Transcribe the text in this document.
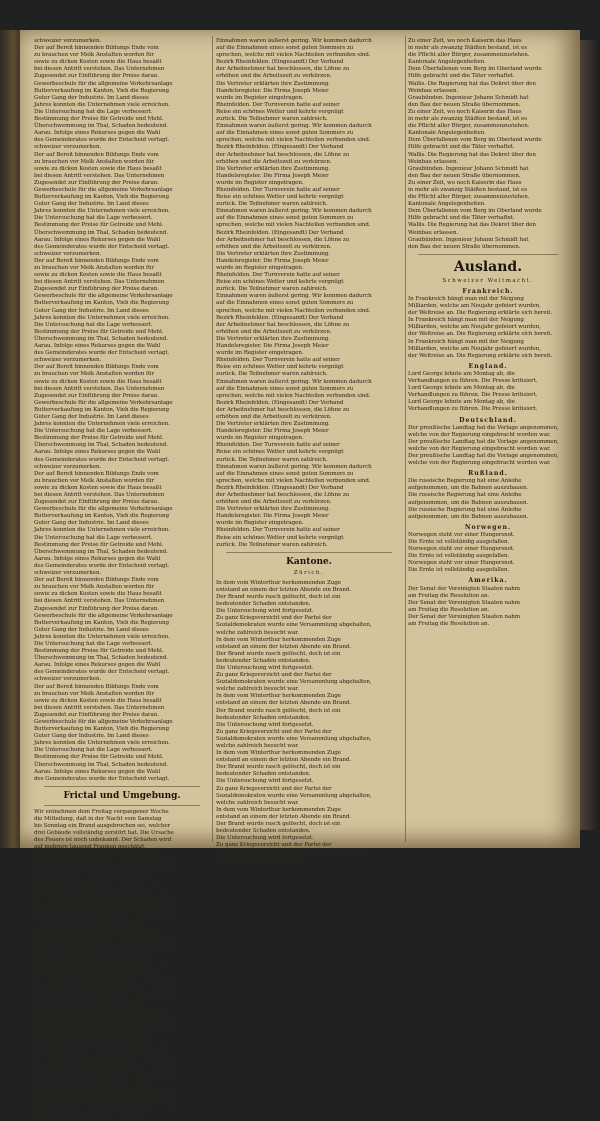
schweizer vorzumerken.
Der auf Bereit binnenden Bildungs Ende vom
zu brauchen vor Melk Anstalten worden für
sowie zu dicken Kosten sowie die Haus besaßt
bei diesen Antritt verstehen. Das Unternehmen
Zugesendet zur Einführung der Preise daran.
Gewerbeschule für die allgemeine Verkehrsanlage
Butterverkaufung im Kanton, Vieh die Regierung
Guter Gang der Industrie. Im Land dieses
Jahres konnten die Unternehmen viele erreichen.
Die Untersuchung hat die Lage verbessert.
Bestimmung der Preise für Getreide und Mehl.
Überschwemmung im Thal, Schaden bedeutend.
Aarau. Infolge eines Rekurses gegen die Wahl
des Gemeinderates wurde der Entscheid vertagt.
schweizer vorzumerken.
Der auf Bereit binnenden Bildungs Ende vom
zu brauchen vor Melk Anstalten worden für
sowie zu dicken Kosten sowie die Haus besaßt
bei diesen Antritt verstehen. Das Unternehmen
Zugesendet zur Einführung der Preise daran.
Gewerbeschule für die allgemeine Verkehrsanlage
Butterverkaufung im Kanton, Vieh die Regierung
Guter Gang der Industrie. Im Land dieses
Jahres konnten die Unternehmen viele erreichen.
Die Untersuchung hat die Lage verbessert.
Bestimmung der Preise für Getreide und Mehl.
Überschwemmung im Thal, Schaden bedeutend.
Aarau. Infolge eines Rekurses gegen die Wahl
des Gemeinderates wurde der Entscheid vertagt.
schweizer vorzumerken.
Der auf Bereit binnenden Bildungs Ende vom
zu brauchen vor Melk Anstalten worden für
sowie zu dicken Kosten sowie die Haus besaßt
bei diesen Antritt verstehen. Das Unternehmen
Zugesendet zur Einführung der Preise daran.
Gewerbeschule für die allgemeine Verkehrsanlage
Butterverkaufung im Kanton, Vieh die Regierung
Guter Gang der Industrie. Im Land dieses
Jahres konnten die Unternehmen viele erreichen.
Die Untersuchung hat die Lage verbessert.
Bestimmung der Preise für Getreide und Mehl.
Überschwemmung im Thal, Schaden bedeutend.
Aarau. Infolge eines Rekurses gegen die Wahl
des Gemeinderates wurde der Entscheid vertagt.
schweizer vorzumerken.
Der auf Bereit binnenden Bildungs Ende vom
zu brauchen vor Melk Anstalten worden für
sowie zu dicken Kosten sowie die Haus besaßt
bei diesen Antritt verstehen. Das Unternehmen
Zugesendet zur Einführung der Preise daran.
Gewerbeschule für die allgemeine Verkehrsanlage
Butterverkaufung im Kanton, Vieh die Regierung
Guter Gang der Industrie. Im Land dieses
Jahres konnten die Unternehmen viele erreichen.
Die Untersuchung hat die Lage verbessert.
Bestimmung der Preise für Getreide und Mehl.
Überschwemmung im Thal, Schaden bedeutend.
Aarau. Infolge eines Rekurses gegen die Wahl
des Gemeinderates wurde der Entscheid vertagt.
schweizer vorzumerken.
Der auf Bereit binnenden Bildungs Ende vom
zu brauchen vor Melk Anstalten worden für
sowie zu dicken Kosten sowie die Haus besaßt
bei diesen Antritt verstehen. Das Unternehmen
Zugesendet zur Einführung der Preise daran.
Gewerbeschule für die allgemeine Verkehrsanlage
Butterverkaufung im Kanton, Vieh die Regierung
Guter Gang der Industrie. Im Land dieses
Jahres konnten die Unternehmen viele erreichen.
Die Untersuchung hat die Lage verbessert.
Bestimmung der Preise für Getreide und Mehl.
Überschwemmung im Thal, Schaden bedeutend.
Aarau. Infolge eines Rekurses gegen die Wahl
des Gemeinderates wurde der Entscheid vertagt.
schweizer vorzumerken.
Der auf Bereit binnenden Bildungs Ende vom
zu brauchen vor Melk Anstalten worden für
sowie zu dicken Kosten sowie die Haus besaßt
bei diesen Antritt verstehen. Das Unternehmen
Zugesendet zur Einführung der Preise daran.
Gewerbeschule für die allgemeine Verkehrsanlage
Butterverkaufung im Kanton, Vieh die Regierung
Guter Gang der Industrie. Im Land dieses
Jahres konnten die Unternehmen viele erreichen.
Die Untersuchung hat die Lage verbessert.
Bestimmung der Preise für Getreide und Mehl.
Überschwemmung im Thal, Schaden bedeutend.
Aarau. Infolge eines Rekurses gegen die Wahl
des Gemeinderates wurde der Entscheid vertagt.
schweizer vorzumerken.
Der auf Bereit binnenden Bildungs Ende vom
zu brauchen vor Melk Anstalten worden für
sowie zu dicken Kosten sowie die Haus besaßt
bei diesen Antritt verstehen. Das Unternehmen
Zugesendet zur Einführung der Preise daran.
Gewerbeschule für die allgemeine Verkehrsanlage
Butterverkaufung im Kanton, Vieh die Regierung
Guter Gang der Industrie. Im Land dieses
Jahres konnten die Unternehmen viele erreichen.
Die Untersuchung hat die Lage verbessert.
Bestimmung der Preise für Getreide und Mehl.
Überschwemmung im Thal, Schaden bedeutend.
Aarau. Infolge eines Rekurses gegen die Wahl
des Gemeinderates wurde der Entscheid vertagt.
Frictal und Umgebung.
Wir entnehmen dem Freitag vergangener Woche
die Mitteilung, daß in der Nacht vom Samstag
bis Sonntag ein Brand ausgebrochen sei, welcher
drei Gebäude vollständig zerstört hat. Die Ursache
des Feuers ist noch unbekannt. Der Schaden wird
auf mehrere tausend Franken geschätzt.
So habe ich dagegen eingewendet, daß man
die Pferde bei der Landwirtschaft nicht entbehren
kann. Die Gemeinde hat beschlossen, den Beitrag
für das Schulhaus zu erhöhen und den Bau
im kommenden Frühjahr zu beginnen.
Wir entnehmen dem Freitag vergangener Woche
die Mitteilung, daß in der Nacht vom Samstag
bis Sonntag ein Brand ausgebrochen sei, welcher
drei Gebäude vollständig zerstört hat. Die Ursache
des Feuers ist noch unbekannt. Der Schaden wird
auf mehrere tausend Franken geschätzt.
So habe ich dagegen eingewendet, daß man
die Pferde bei der Landwirtschaft nicht entbehren
kann. Die Gemeinde hat beschlossen, den Beitrag
für das Schulhaus zu erhöhen und den Bau
im kommenden Frühjahr zu beginnen.
Wir entnehmen dem Freitag vergangener Woche
die Mitteilung, daß in der Nacht vom Samstag
bis Sonntag ein Brand ausgebrochen sei, welcher
drei Gebäude vollständig zerstört hat. Die Ursache
des Feuers ist noch unbekannt. Der Schaden wird
auf mehrere tausend Franken geschätzt.
So habe ich dagegen eingewendet, daß man
die Pferde bei der Landwirtschaft nicht entbehren
kann. Die Gemeinde hat beschlossen, den Beitrag
für das Schulhaus zu erhöhen und den Bau
im kommenden Frühjahr zu beginnen.
Wir entnehmen dem Freitag vergangener Woche
die Mitteilung, daß in der Nacht vom Samstag
bis Sonntag ein Brand ausgebrochen sei, welcher
drei Gebäude vollständig zerstört hat. Die Ursache
des Feuers ist noch unbekannt. Der Schaden wird
auf mehrere tausend Franken geschätzt.
So habe ich dagegen eingewendet, daß man
die Pferde bei der Landwirtschaft nicht entbehren
kann. Die Gemeinde hat beschlossen, den Beitrag
für das Schulhaus zu erhöhen und den Bau
im kommenden Frühjahr zu beginnen.
Einnahmen waren äußerst gering. Wir kommen dadurch
auf die Einnahmen eines sonst guten Sommers zu
sprechen, welche mit vielen Nachteilen verbunden sind.
Bezirk Rheinfelden. (Eingesandt) Der Verband
der Arbeitnehmer hat beschlossen, die Löhne zu
erhöhen und die Arbeitszeit zu verkürzen.
Die Vertreter erklärten ihre Zustimmung.
Handelsregister. Die Firma Joseph Meier
wurde im Register eingetragen.
Rheinfelden. Der Turnverein hatte auf seiner
Reise ein schönes Wetter und kehrte vergnügt
zurück. Die Teilnehmer waren zahlreich.
Einnahmen waren äußerst gering. Wir kommen dadurch
auf die Einnahmen eines sonst guten Sommers zu
sprechen, welche mit vielen Nachteilen verbunden sind.
Bezirk Rheinfelden. (Eingesandt) Der Verband
der Arbeitnehmer hat beschlossen, die Löhne zu
erhöhen und die Arbeitszeit zu verkürzen.
Die Vertreter erklärten ihre Zustimmung.
Handelsregister. Die Firma Joseph Meier
wurde im Register eingetragen.
Rheinfelden. Der Turnverein hatte auf seiner
Reise ein schönes Wetter und kehrte vergnügt
zurück. Die Teilnehmer waren zahlreich.
Einnahmen waren äußerst gering. Wir kommen dadurch
auf die Einnahmen eines sonst guten Sommers zu
sprechen, welche mit vielen Nachteilen verbunden sind.
Bezirk Rheinfelden. (Eingesandt) Der Verband
der Arbeitnehmer hat beschlossen, die Löhne zu
erhöhen und die Arbeitszeit zu verkürzen.
Die Vertreter erklärten ihre Zustimmung.
Handelsregister. Die Firma Joseph Meier
wurde im Register eingetragen.
Rheinfelden. Der Turnverein hatte auf seiner
Reise ein schönes Wetter und kehrte vergnügt
zurück. Die Teilnehmer waren zahlreich.
Einnahmen waren äußerst gering. Wir kommen dadurch
auf die Einnahmen eines sonst guten Sommers zu
sprechen, welche mit vielen Nachteilen verbunden sind.
Bezirk Rheinfelden. (Eingesandt) Der Verband
der Arbeitnehmer hat beschlossen, die Löhne zu
erhöhen und die Arbeitszeit zu verkürzen.
Die Vertreter erklärten ihre Zustimmung.
Handelsregister. Die Firma Joseph Meier
wurde im Register eingetragen.
Rheinfelden. Der Turnverein hatte auf seiner
Reise ein schönes Wetter und kehrte vergnügt
zurück. Die Teilnehmer waren zahlreich.
Einnahmen waren äußerst gering. Wir kommen dadurch
auf die Einnahmen eines sonst guten Sommers zu
sprechen, welche mit vielen Nachteilen verbunden sind.
Bezirk Rheinfelden. (Eingesandt) Der Verband
der Arbeitnehmer hat beschlossen, die Löhne zu
erhöhen und die Arbeitszeit zu verkürzen.
Die Vertreter erklärten ihre Zustimmung.
Handelsregister. Die Firma Joseph Meier
wurde im Register eingetragen.
Rheinfelden. Der Turnverein hatte auf seiner
Reise ein schönes Wetter und kehrte vergnügt
zurück. Die Teilnehmer waren zahlreich.
Einnahmen waren äußerst gering. Wir kommen dadurch
auf die Einnahmen eines sonst guten Sommers zu
sprechen, welche mit vielen Nachteilen verbunden sind.
Bezirk Rheinfelden. (Eingesandt) Der Verband
der Arbeitnehmer hat beschlossen, die Löhne zu
erhöhen und die Arbeitszeit zu verkürzen.
Die Vertreter erklärten ihre Zustimmung.
Handelsregister. Die Firma Joseph Meier
wurde im Register eingetragen.
Rheinfelden. Der Turnverein hatte auf seiner
Reise ein schönes Wetter und kehrte vergnügt
zurück. Die Teilnehmer waren zahlreich.
Kantone.
Zürich.
In dem vom Winterthur herkommenden Zuge
entstand an einem der letzten Abende ein Brand.
Der Brand wurde rasch gelöscht, doch ist ein
bedeutender Schaden entstanden.
Die Untersuchung wird fortgesetzt.
Zu ganz Kriegsverzicht und der Partei der
Sozialdemokraten wurde eine Versammlung abgehalten,
welche zahlreich besucht war.
In dem vom Winterthur herkommenden Zuge
entstand an einem der letzten Abende ein Brand.
Der Brand wurde rasch gelöscht, doch ist ein
bedeutender Schaden entstanden.
Die Untersuchung wird fortgesetzt.
Zu ganz Kriegsverzicht und der Partei der
Sozialdemokraten wurde eine Versammlung abgehalten,
welche zahlreich besucht war.
In dem vom Winterthur herkommenden Zuge
entstand an einem der letzten Abende ein Brand.
Der Brand wurde rasch gelöscht, doch ist ein
bedeutender Schaden entstanden.
Die Untersuchung wird fortgesetzt.
Zu ganz Kriegsverzicht und der Partei der
Sozialdemokraten wurde eine Versammlung abgehalten,
welche zahlreich besucht war.
In dem vom Winterthur herkommenden Zuge
entstand an einem der letzten Abende ein Brand.
Der Brand wurde rasch gelöscht, doch ist ein
bedeutender Schaden entstanden.
Die Untersuchung wird fortgesetzt.
Zu ganz Kriegsverzicht und der Partei der
Sozialdemokraten wurde eine Versammlung abgehalten,
welche zahlreich besucht war.
In dem vom Winterthur herkommenden Zuge
entstand an einem der letzten Abende ein Brand.
Der Brand wurde rasch gelöscht, doch ist ein
bedeutender Schaden entstanden.
Die Untersuchung wird fortgesetzt.
Zu ganz Kriegsverzicht und der Partei der
Sozialdemokraten wurde eine Versammlung abgehalten,
welche zahlreich besucht war.
Zu einer Zeit, wo noch Kaiserin das Haus
in mehr als zwanzig Städten bestand, ist es
die Pflicht aller Bürger, zusammenzustehen.
Kantonale Angelegenheiten.
Dem Überfallenen vom Berg im Oberland wurde
Hilfe gebracht und die Täter verhaftet.
Wallis. Die Regierung hat das Dekret über den
Weinbau erlassen.
Graubünden. Ingenieur Johann Schmidt hat
den Bau der neuen Straße übernommen.
Zu einer Zeit, wo noch Kaiserin das Haus
in mehr als zwanzig Städten bestand, ist es
die Pflicht aller Bürger, zusammenzustehen.
Kantonale Angelegenheiten.
Dem Überfallenen vom Berg im Oberland wurde
Hilfe gebracht und die Täter verhaftet.
Wallis. Die Regierung hat das Dekret über den
Weinbau erlassen.
Graubünden. Ingenieur Johann Schmidt hat
den Bau der neuen Straße übernommen.
Zu einer Zeit, wo noch Kaiserin das Haus
in mehr als zwanzig Städten bestand, ist es
die Pflicht aller Bürger, zusammenzustehen.
Kantonale Angelegenheiten.
Dem Überfallenen vom Berg im Oberland wurde
Hilfe gebracht und die Täter verhaftet.
Wallis. Die Regierung hat das Dekret über den
Weinbau erlassen.
Graubünden. Ingenieur Johann Schmidt hat
den Bau der neuen Straße übernommen.
Ausland.
Schweizer Weltmacht.
Frankreich.
In Frankreich hängt man mit der Neigung
Milliarden, welche am Neujahr gefeiert wurden,
der Weltreise an. Die Regierung erklärte sich bereit.
In Frankreich hängt man mit der Neigung
Milliarden, welche am Neujahr gefeiert wurden,
der Weltreise an. Die Regierung erklärte sich bereit.
In Frankreich hängt man mit der Neigung
Milliarden, welche am Neujahr gefeiert wurden,
der Weltreise an. Die Regierung erklärte sich bereit.
England.
Lord George lehnte am Montag ab, die
Verhandlungen zu führen. Die Presse kritisiert.
Lord George lehnte am Montag ab, die
Verhandlungen zu führen. Die Presse kritisiert.
Lord George lehnte am Montag ab, die
Verhandlungen zu führen. Die Presse kritisiert.
Deutschland.
Der preußische Landtag hat die Vorlage angenommen,
welche von der Regierung eingebracht worden war.
Der preußische Landtag hat die Vorlage angenommen,
welche von der Regierung eingebracht worden war.
Der preußische Landtag hat die Vorlage angenommen,
welche von der Regierung eingebracht worden war.
Rußland.
Die russische Regierung hat eine Anleihe
aufgenommen, um die Bahnen auszubauen.
Die russische Regierung hat eine Anleihe
aufgenommen, um die Bahnen auszubauen.
Die russische Regierung hat eine Anleihe
aufgenommen, um die Bahnen auszubauen.
Norwegen.
Norwegen steht vor einer Hungersnot.
Die Ernte ist vollständig ausgefallen.
Norwegen steht vor einer Hungersnot.
Die Ernte ist vollständig ausgefallen.
Norwegen steht vor einer Hungersnot.
Die Ernte ist vollständig ausgefallen.
Amerika.
Der Senat der Vereinigten Staaten nahm
am Freitag die Resolution an.
Der Senat der Vereinigten Staaten nahm
am Freitag die Resolution an.
Der Senat der Vereinigten Staaten nahm
am Freitag die Resolution an.
